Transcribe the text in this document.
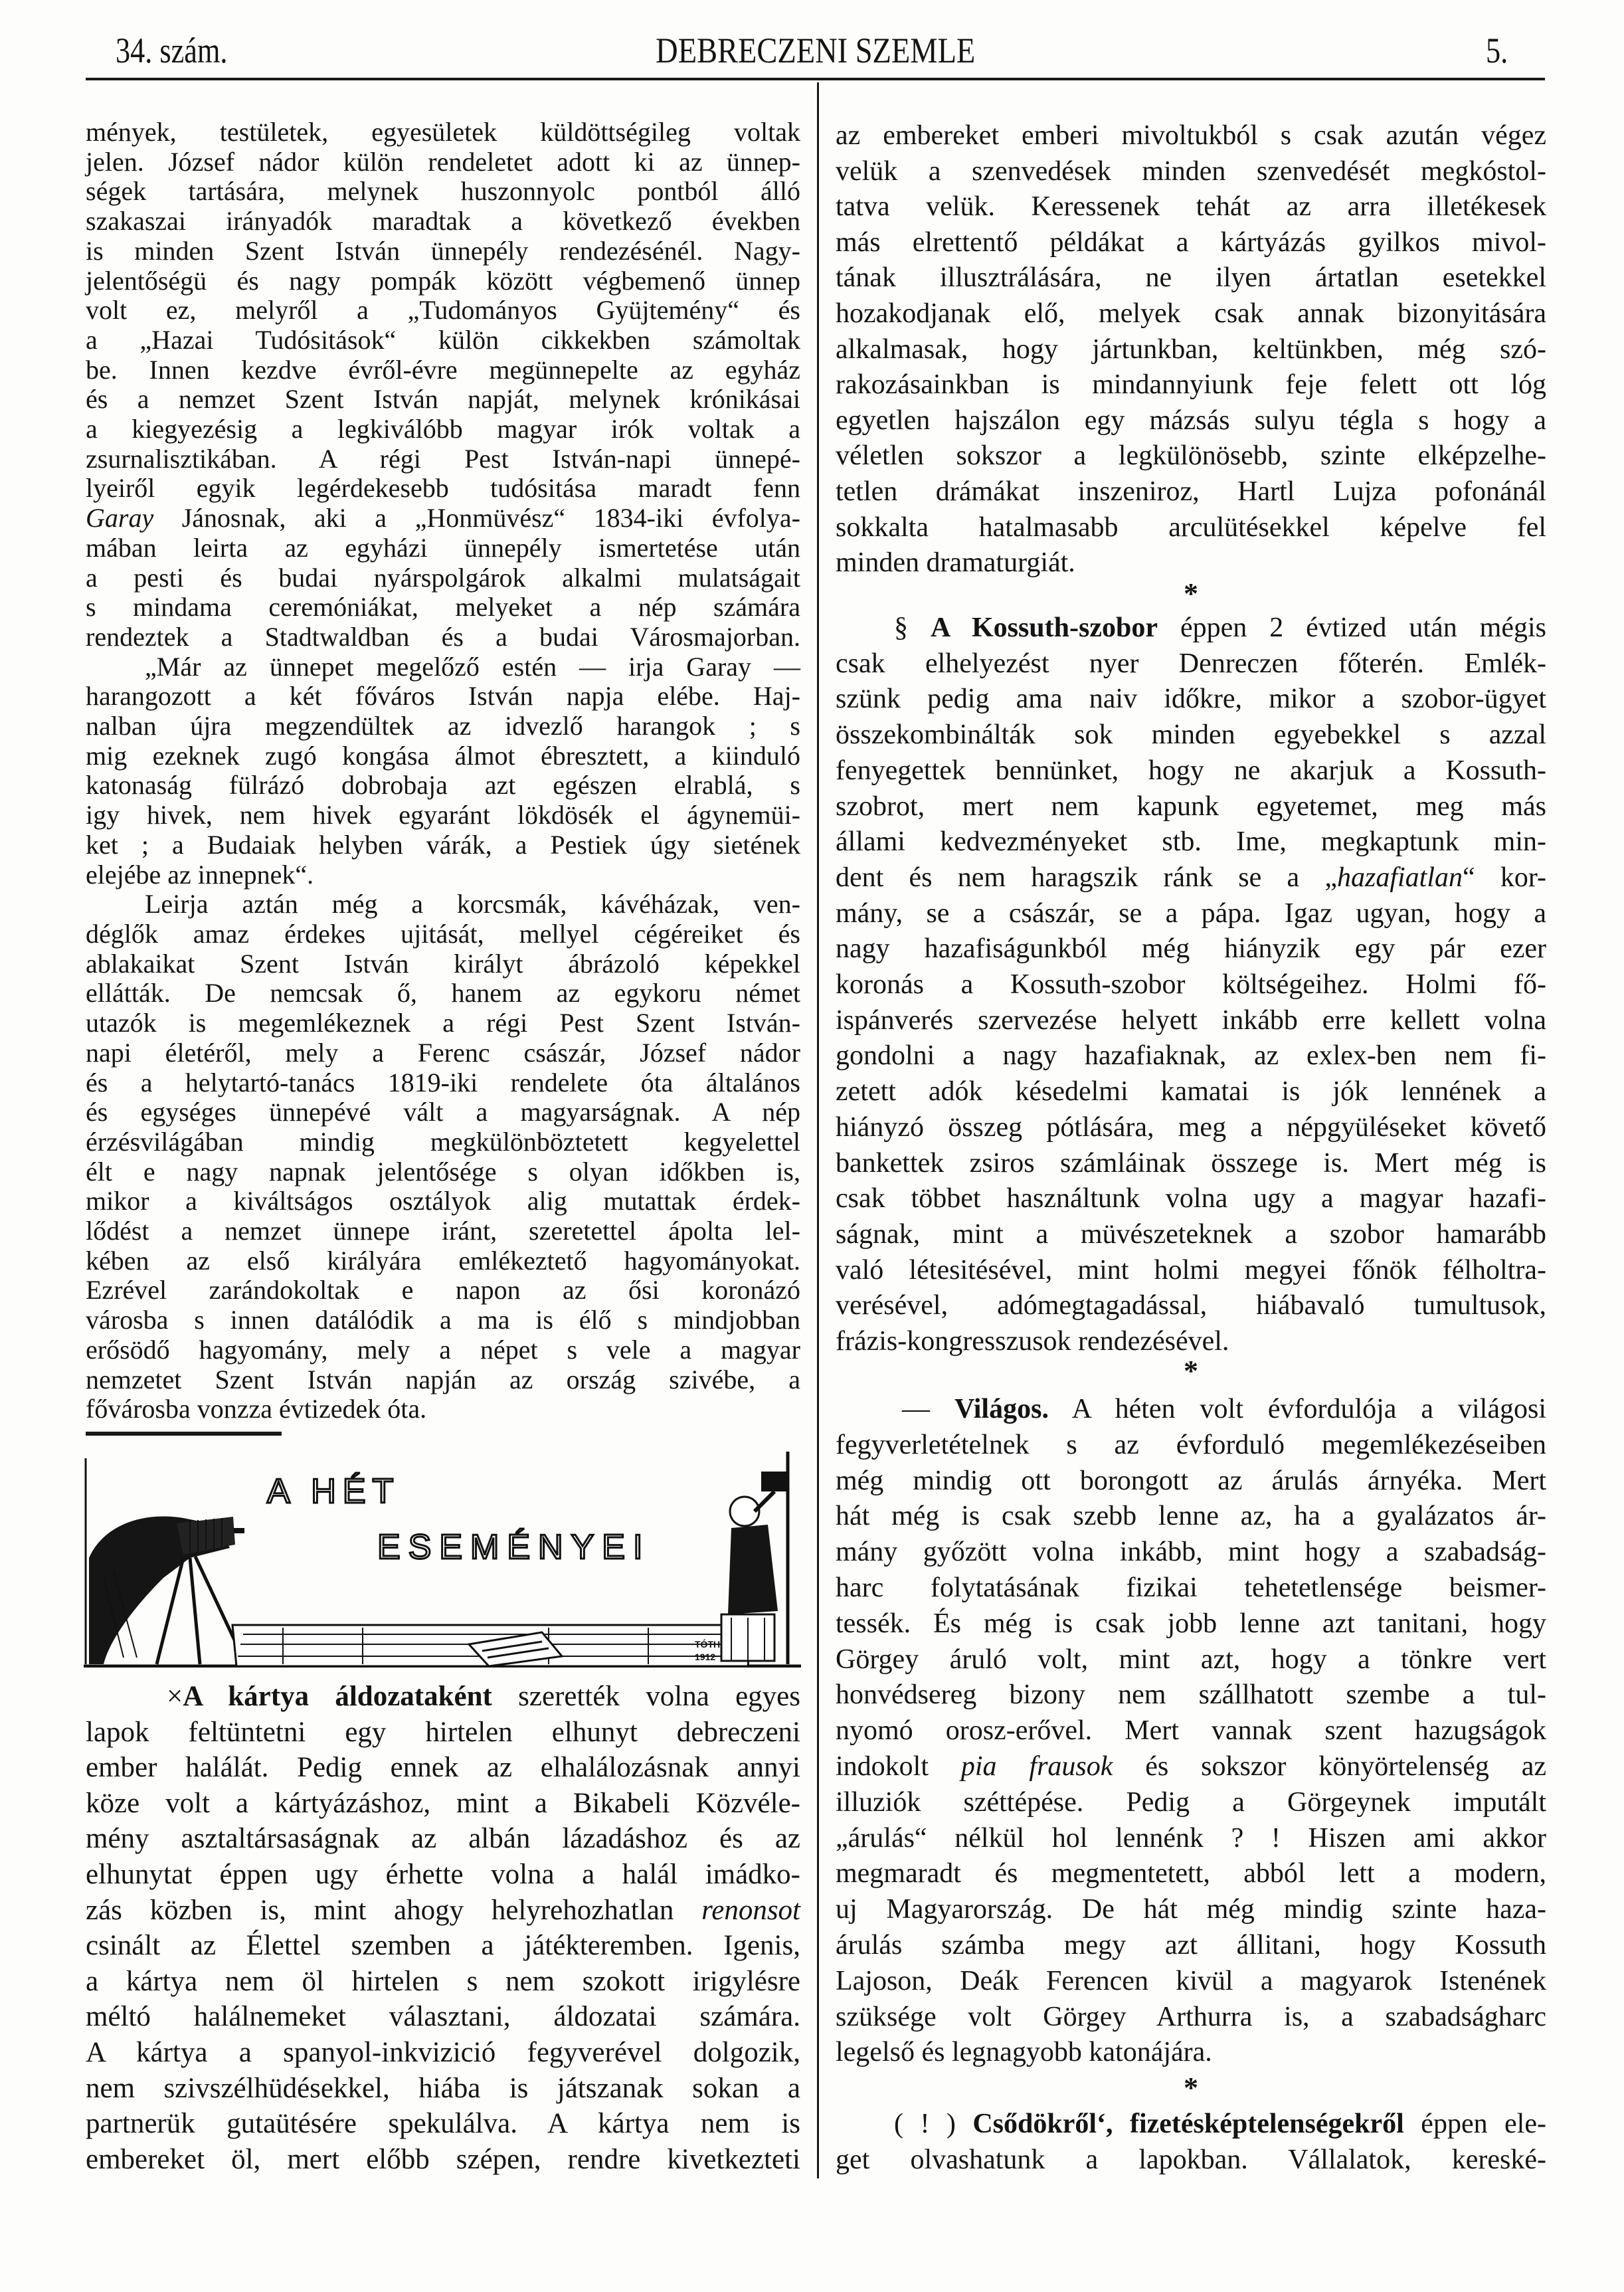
34. szám.	DEBRECZENI SZEMLE	5.
mények, testületek, egyesületek küldöttségileg voltak
jelen. József nádor külön rendeletet adott ki az ünnep-
ségek tartására, melynek huszonnyolc pontból álló
szakaszai irányadók maradtak a következő években
is minden Szent István ünnepély rendezésénél. Nagy-
jelentőségü és nagy pompák között végbemenő ünnep
volt ez, melyről a „Tudományos Gyüjtemény“ és
a „Hazai Tudósitások“ külön cikkekben számoltak
be. Innen kezdve évről-évre megünnepelte az egyház
és a nemzet Szent István napját, melynek krónikásai
a kiegyezésig a legkiválóbb magyar irók voltak a
zsurnalisztikában. A régi Pest István-napi ünnepé-
lyeiről egyik legérdekesebb tudósitása maradt fenn
Garay Jánosnak, aki a „Honmüvész“ 1834-iki évfolya-
mában leirta az egyházi ünnepély ismertetése után
a pesti és budai nyárspolgárok alkalmi mulatságait
s mindama ceremóniákat, melyeket a nép számára
rendeztek a Stadtwaldban és a budai Városmajorban.
„Már az ünnepet megelőző estén — irja Garay —
harangozott a két főváros István napja elébe. Haj-
nalban újra megzendültek az idvezlő harangok ; s
mig ezeknek zugó kongása álmot ébresztett, a kiinduló
katonaság fülrázó dobrobaja azt egészen elrablá, s
igy hivek, nem hivek egyaránt lökdösék el ágynemüi-
ket ; a Budaiak helyben várák, a Pestiek úgy sietének
elejébe az innepnek“.
Leirja aztán még a korcsmák, kávéházak, ven-
déglők amaz érdekes ujitását, mellyel cégéreiket és
ablakaikat Szent István királyt ábrázoló képekkel
ellátták. De nemcsak ő, hanem az egykoru német
utazók is megemlékeznek a régi Pest Szent István-
napi életéről, mely a Ferenc császár, József nádor
és a helytartó-tanács 1819-iki rendelete óta általános
és egységes ünnepévé vált a magyarságnak. A nép
érzésvilágában mindig megkülönböztetett kegyelettel
élt e nagy napnak jelentősége s olyan időkben is,
mikor a kiváltságos osztályok alig mutattak érdek-
lődést a nemzet ünnepe iránt, szeretettel ápolta lel-
kében az első királyára emlékeztető hagyományokat.
Ezrével zarándokoltak e napon az ősi koronázó
városba s innen datálódik a ma is élő s mindjobban
erősödő hagyomány, mely a népet s vele a magyar
nemzetet Szent István napján az ország szivébe, a
fővárosba vonzza évtizedek óta.
A HÉT
ESEMÉNYEI
TÓTH
1912
×A kártya áldozataként szerették volna egyes
lapok feltüntetni egy hirtelen elhunyt debreczeni
ember halálát. Pedig ennek az elhalálozásnak annyi
köze volt a kártyázáshoz, mint a Bikabeli Közvéle-
mény asztaltársaságnak az albán lázadáshoz és az
elhunytat éppen ugy érhette volna a halál imádko-
zás közben is, mint ahogy helyrehozhatlan renonsot
csinált az Élettel szemben a játékteremben. Igenis,
a kártya nem öl hirtelen s nem szokott irigylésre
méltó halálnemeket választani, áldozatai számára.
A kártya a spanyol-inkvizició fegyverével dolgozik,
nem szivszélhüdésekkel, hiába is játszanak sokan a
partnerük gutaütésére spekulálva. A kártya nem is
embereket öl, mert előbb szépen, rendre kivetkezteti
az embereket emberi mivoltukból s csak azután végez
velük a szenvedések minden szenvedését megkóstol-
tatva velük. Keressenek tehát az arra illetékesek
más elrettentő példákat a kártyázás gyilkos mivol-
tának illusztrálására, ne ilyen ártatlan esetekkel
hozakodjanak elő, melyek csak annak bizonyitására
alkalmasak, hogy jártunkban, keltünkben, még szó-
rakozásainkban is mindannyiunk feje felett ott lóg
egyetlen hajszálon egy mázsás sulyu tégla s hogy a
véletlen sokszor a legkülönösebb, szinte elképzelhe-
tetlen drámákat inszeniroz, Hartl Lujza pofonánál
sokkalta hatalmasabb arculütésekkel képelve fel
minden dramaturgiát.
*
§ A Kossuth-szobor éppen 2 évtized után mégis
csak elhelyezést nyer Denreczen főterén. Emlék-
szünk pedig ama naiv időkre, mikor a szobor-ügyet
összekombinálták sok minden egyebekkel s azzal
fenyegettek bennünket, hogy ne akarjuk a Kossuth-
szobrot, mert nem kapunk egyetemet, meg más
állami kedvezményeket stb. Ime, megkaptunk min-
dent és nem haragszik ránk se a „hazafiatlan“ kor-
mány, se a császár, se a pápa. Igaz ugyan, hogy a
nagy hazafiságunkból még hiányzik egy pár ezer
koronás a Kossuth-szobor költségeihez. Holmi fő-
ispánverés szervezése helyett inkább erre kellett volna
gondolni a nagy hazafiaknak, az exlex-ben nem fi-
zetett adók késedelmi kamatai is jók lennének a
hiányzó összeg pótlására, meg a népgyüléseket követő
bankettek zsiros számláinak összege is. Mert még is
csak többet használtunk volna ugy a magyar hazafi-
ságnak, mint a müvészeteknek a szobor hamarább
való létesitésével, mint holmi megyei főnök félholtra-
verésével, adómegtagadással, hiábavaló tumultusok,
frázis-kongresszusok rendezésével.
*
— Világos. A héten volt évfordulója a világosi
fegyverletételnek s az évforduló megemlékezéseiben
még mindig ott borongott az árulás árnyéka. Mert
hát még is csak szebb lenne az, ha a gyalázatos ár-
mány győzött volna inkább, mint hogy a szabadság-
harc folytatásának fizikai tehetetlensége beismer-
tessék. És még is csak jobb lenne azt tanitani, hogy
Görgey áruló volt, mint azt, hogy a tönkre vert
honvédsereg bizony nem szállhatott szembe a tul-
nyomó orosz-erővel. Mert vannak szent hazugságok
indokolt pia frausok és sokszor könyörtelenség az
illuziók széttépése. Pedig a Görgeynek imputált
„árulás“ nélkül hol lennénk ? ! Hiszen ami akkor
megmaradt és megmentetett, abból lett a modern,
uj Magyarország. De hát még mindig szinte haza-
árulás számba megy azt állitani, hogy Kossuth
Lajoson, Deák Ferencen kivül a magyarok Istenének
szüksége volt Görgey Arthurra is, a szabadságharc
legelső és legnagyobb katonájára.
*
( ! ) Csődökről‘, fizetésképtelenségekről éppen ele-
get olvashatunk a lapokban. Vállalatok, kereské-
